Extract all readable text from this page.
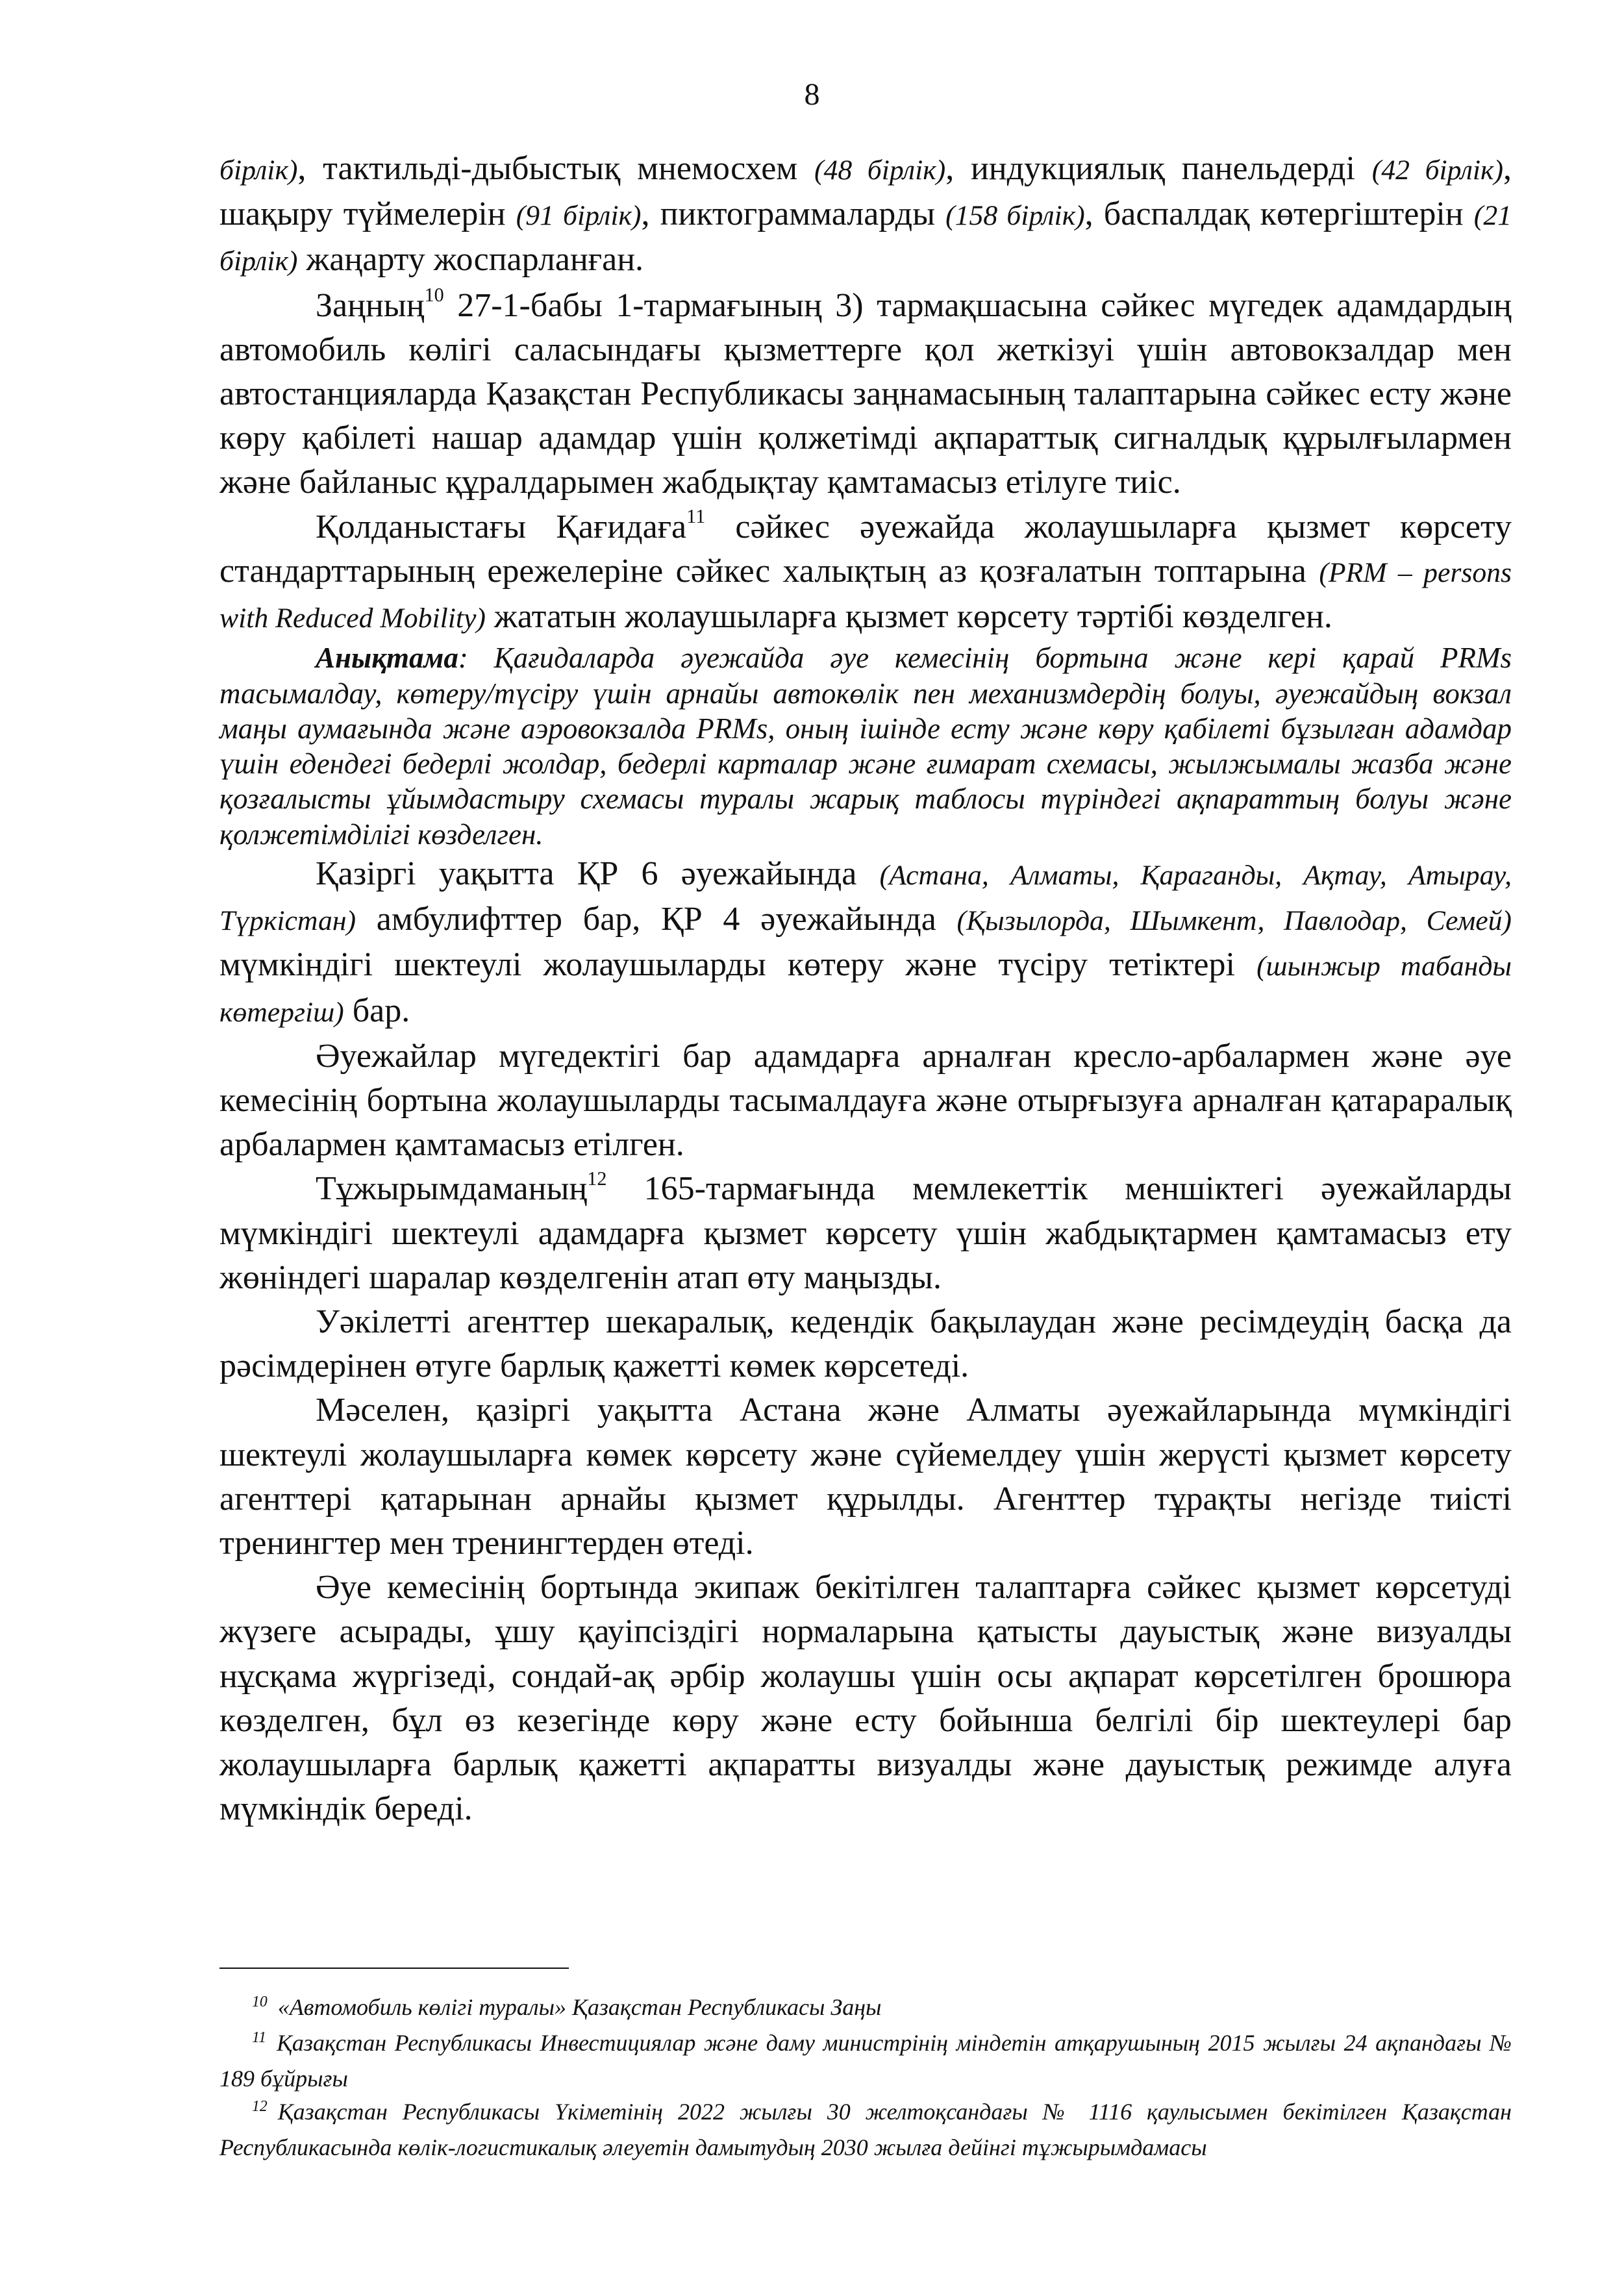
8

бірлік), тактильді-дыбыстық мнемосхем (48 бірлік), индукциялық панельдерді (42 бірлік), шақыру түймелерін (91 бірлік), пиктограммаларды (158 бірлік), баспалдақ көтергіштерін (21 бірлік) жаңарту жоспарланған.

Заңның$^{10}$ 27-1-бабы 1-тармағының 3) тармақшасына сәйкес мүгедек адамдардың автомобиль көлігі саласындағы қызметтерге қол жеткізуі үшін автовокзалдар мен автостанцияларда Қазақстан Республикасы заңнамасының талаптарына сәйкес есту және көру қабілеті нашар адамдар үшін қолжетімді ақпараттық сигналдық құрылғылармен және байланыс құралдарымен жабдықтау қамтамасыз етілуге тиіс.

Қолданыстағы Қағидаға$^{11}$ сәйкес әуежайда жолаушыларға қызмет көрсету стандарттарының ережелеріне сәйкес халықтың аз қозғалатын топтарына (PRM – persons with Reduced Mobility) жататын жолаушыларға қызмет көрсету тәртібі көзделген.

Анықтама: Қағидаларда әуежайда әуе кемесінің бортына және кері қарай PRMs тасымалдау, көтеру/түсіру үшін арнайы автокөлік пен механизмдердің болуы, әуежайдың вокзал маңы аумағында және аэровокзалда PRMs, оның ішінде есту және көру қабілеті бұзылған адамдар үшін едендегі бедерлі жолдар, бедерлі карталар және ғимарат схемасы, жылжымалы жазба және қозғалысты ұйымдастыру схемасы туралы жарық таблосы түріндегі ақпараттың болуы және қолжетімділігі көзделген.

Қазіргі уақытта ҚР 6 әуежайында (Астана, Алматы, Қараганды, Ақтау, Атырау, Түркістан) амбулифттер бар, ҚР 4 әуежайында (Қызылорда, Шымкент, Павлодар, Семей) мүмкіндігі шектеулі жолаушыларды көтеру және түсіру тетіктері (шынжыр табанды көтергіш) бар.

Әуежайлар мүгедектігі бар адамдарға арналған кресло-арбалармен және әуе кемесінің бортына жолаушыларды тасымалдауға және отырғызуға арналған қатарaралық арбалармен қамтамасыз етілген.

Тұжырымдаманың$^{12}$ 165-тармағында мемлекеттік меншіктегі әуежайларды мүмкіндігі шектеулі адамдарға қызмет көрсету үшін жабдықтармен қамтамасыз ету жөніндегі шаралар көзделгенін атап өту маңызды.

Уәкілетті агенттер шекаралық, кедендік бақылаудан және ресімдеудің басқа да рәсімдерінен өтуге барлық қажетті көмек көрсетеді.

Мәселен, қазіргі уақытта Астана және Алматы әуежайларында мүмкіндігі шектеулі жолаушыларға көмек көрсету және сүйемелдеу үшін жерүсті қызмет көрсету агенттері қатарынан арнайы қызмет құрылды. Агенттер тұрақты негізде тиісті тренингтер мен тренингтерден өтеді.

Әуе кемесінің бортында экипаж бекітілген талаптарға сәйкес қызмет көрсетуді жүзеге асырады, ұшу қауіпсіздігі нормаларына қатысты дауыстық және визуалды нұсқама жүргізеді, сондай-ақ әрбір жолаушы үшін осы ақпарат көрсетілген брошюра көзделген, бұл өз кезегінде көру және есту бойынша белгілі бір шектеулері бар жолаушыларға барлық қажетті ақпаратты визуалды және дауыстық режимде алуға мүмкіндік береді.

$^{10}$ «Автомобиль көлігі туралы» Қазақстан Республикасы Заңы

$^{11}$ Қазақстан Республикасы Инвестициялар және даму министрінің міндетін атқарушының 2015 жылғы 24 ақпандағы № 189 бұйрығы

$^{12}$ Қазақстан Республикасы Үкіметінің 2022 жылғы 30 желтоқсандағы № 1116 қаулысымен бекітілген Қазақстан Республикасында көлік-логистикалық әлеуетін дамытудың 2030 жылға дейінгі тұжырымдамасы
